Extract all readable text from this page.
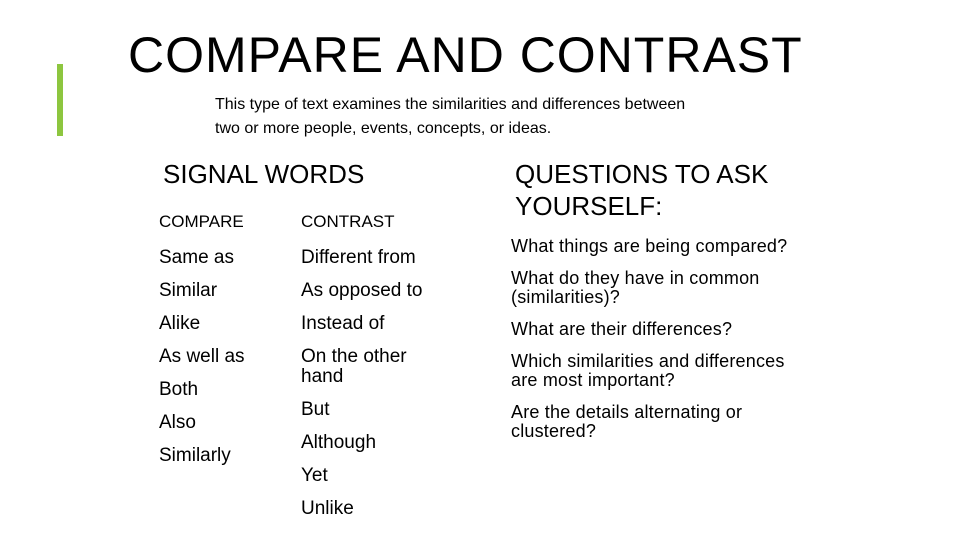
COMPARE AND CONTRAST
This type of text examines the similarities and differences between two or more people, events, concepts, or ideas.
SIGNAL WORDS	QUESTIONS TO ASK YOURSELF:
COMPARE
Same as
Similar
Alike
As well as
Both
Also
Similarly
CONTRAST
Different from
As opposed to
Instead of
On the other hand
But
Although
Yet
Unlike
What things are being compared?
What do they have in common (similarities)?
What are their differences?
Which similarities and differences are most important?
Are the details alternating or clustered?
